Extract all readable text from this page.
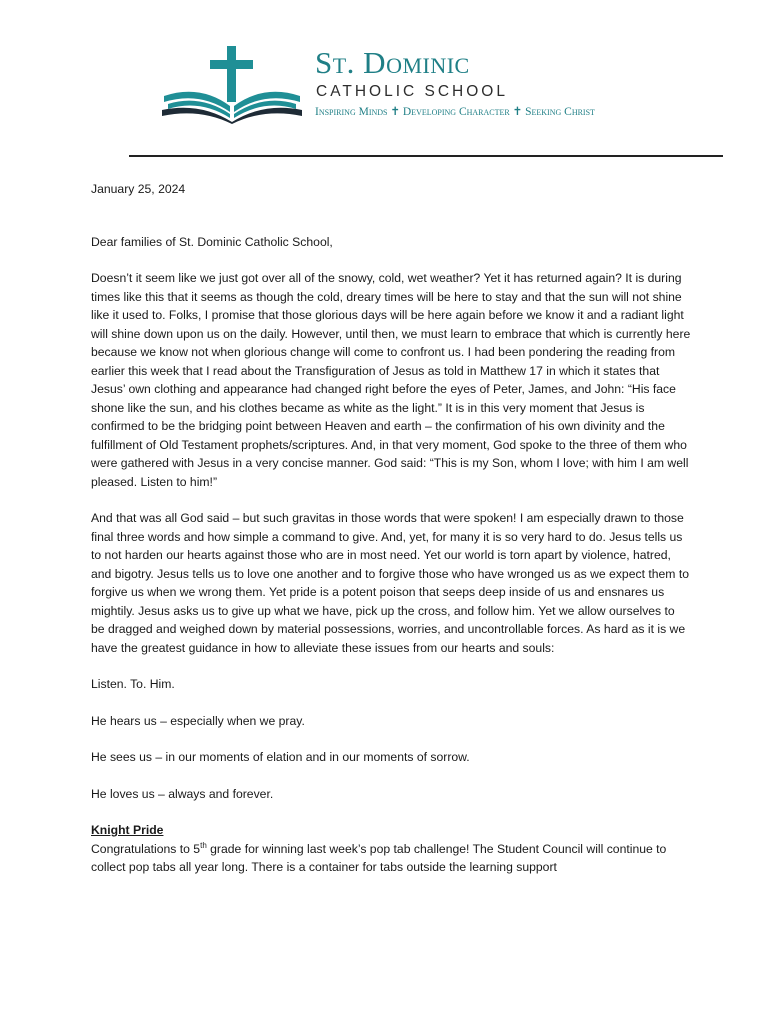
St. Dominic
CATHOLIC SCHOOL
Inspiring Minds ✝ Developing Character ✝ Seeking Christ

January 25, 2024

Dear families of St. Dominic Catholic School,

Doesn’t it seem like we just got over all of the snowy, cold, wet weather? Yet it has returned again? It is during times like this that it seems as though the cold, dreary times will be here to stay and that the sun will not shine like it used to. Folks, I promise that those glorious days will be here again before we know it and a radiant light will shine down upon us on the daily. However, until then, we must learn to embrace that which is currently here because we know not when glorious change will come to confront us. I had been pondering the reading from earlier this week that I read about the Transfiguration of Jesus as told in Matthew 17 in which it states that Jesus’ own clothing and appearance had changed right before the eyes of Peter, James, and John: “His face shone like the sun, and his clothes became as white as the light.” It is in this very moment that Jesus is confirmed to be the bridging point between Heaven and earth – the confirmation of his own divinity and the fulfillment of Old Testament prophets/scriptures. And, in that very moment, God spoke to the three of them who were gathered with Jesus in a very concise manner. God said: “This is my Son, whom I love; with him I am well pleased. Listen to him!”

And that was all God said – but such gravitas in those words that were spoken! I am especially drawn to those final three words and how simple a command to give. And, yet, for many it is so very hard to do. Jesus tells us to not harden our hearts against those who are in most need. Yet our world is torn apart by violence, hatred, and bigotry. Jesus tells us to love one another and to forgive those who have wronged us as we expect them to forgive us when we wrong them. Yet pride is a potent poison that seeps deep inside of us and ensnares us mightily. Jesus asks us to give up what we have, pick up the cross, and follow him. Yet we allow ourselves to be dragged and weighed down by material possessions, worries, and uncontrollable forces. As hard as it is we have the greatest guidance in how to alleviate these issues from our hearts and souls:

Listen. To. Him.

He hears us – especially when we pray.

He sees us – in our moments of elation and in our moments of sorrow.

He loves us – always and forever.

Knight Pride

Congratulations to 5th grade for winning last week’s pop tab challenge! The Student Council will continue to collect pop tabs all year long. There is a container for tabs outside the learning support
